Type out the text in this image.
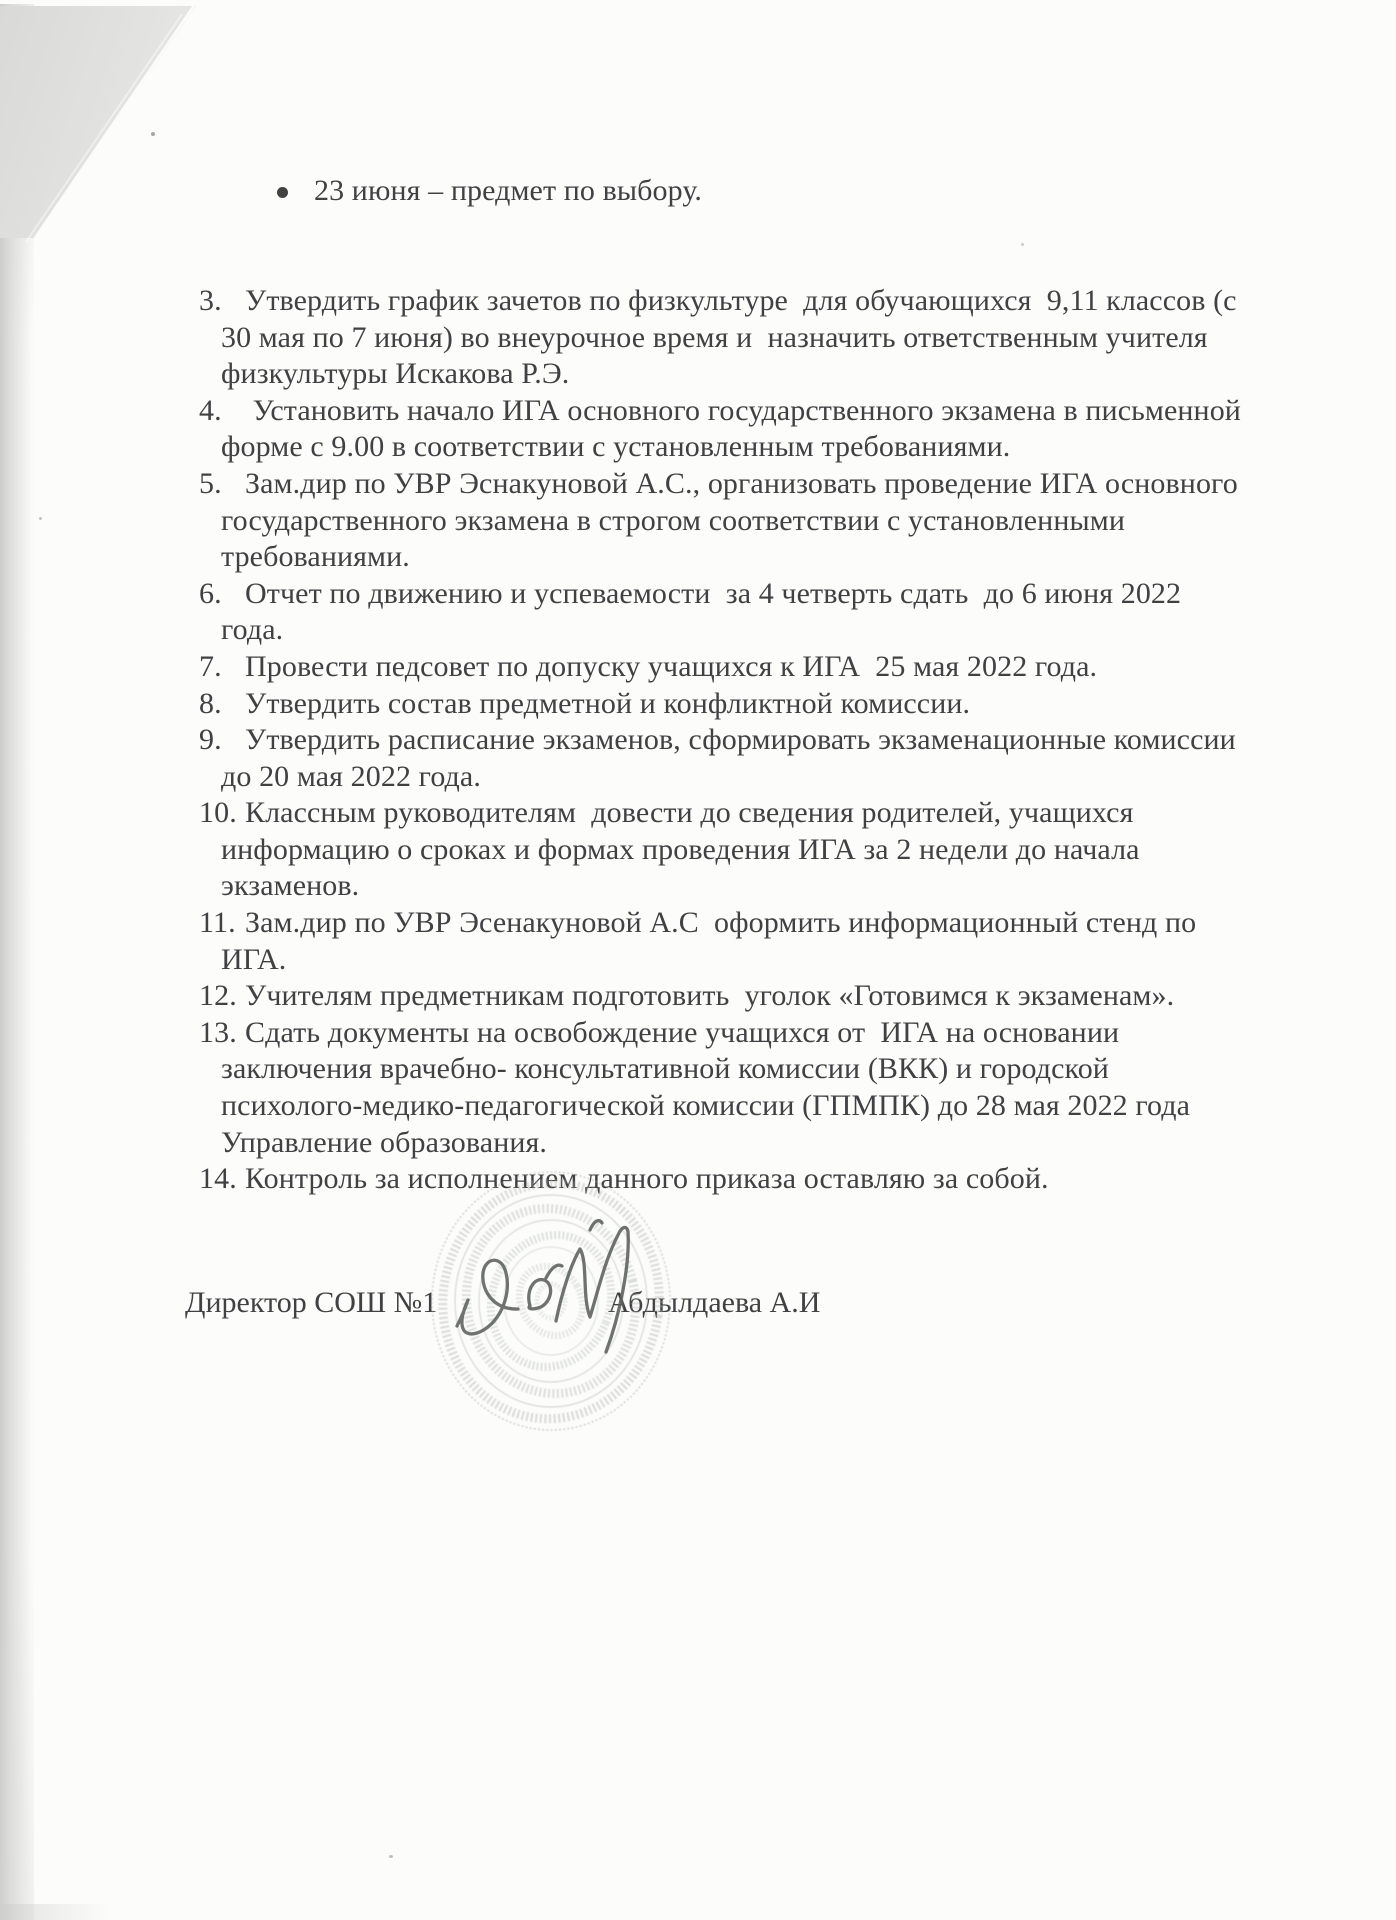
23 июня – предмет по выбору.

3. Утвердить график зачетов по физкультуре  для обучающихся  9,11 классов (с
30 мая по 7 июня) во внеурочное время и  назначить ответственным учителя
физкультуры Искакова Р.Э.
4. Установить начало ИГА основного государственного экзамена в письменной
форме с 9.00 в соответствии с установленным требованиями.
5. Зам.дир по УВР Эснакуновой А.С., организовать проведение ИГА основного
государственного экзамена в строгом соответствии с установленными
требованиями.
6. Отчет по движению и успеваемости  за 4 четверть сдать  до 6 июня 2022
года.
7. Провести педсовет по допуску учащихся к ИГА  25 мая 2022 года.
8. Утвердить состав предметной и конфликтной комиссии.
9. Утвердить расписание экзаменов, сформировать экзаменационные комиссии
до 20 мая 2022 года.
10. Классным руководителям  довести до сведения родителей, учащихся
информацию о сроках и формах проведения ИГА за 2 недели до начала
экзаменов.
11. Зам.дир по УВР Эсенакуновой А.С  оформить информационный стенд по
ИГА.
12. Учителям предметникам подготовить  уголок «Готовимся к экзаменам».
13. Сдать документы на освобождение учащихся от  ИГА на основании
заключения врачебно- консультативной комиссии (ВКК) и городской
психолого-медико-педагогической комиссии (ГПМПК) до 28 мая 2022 года
Управление образования.
14. Контроль за исполнением данного приказа оставляю за собой.

Директор СОШ №1

	Абдылдаева А.И
